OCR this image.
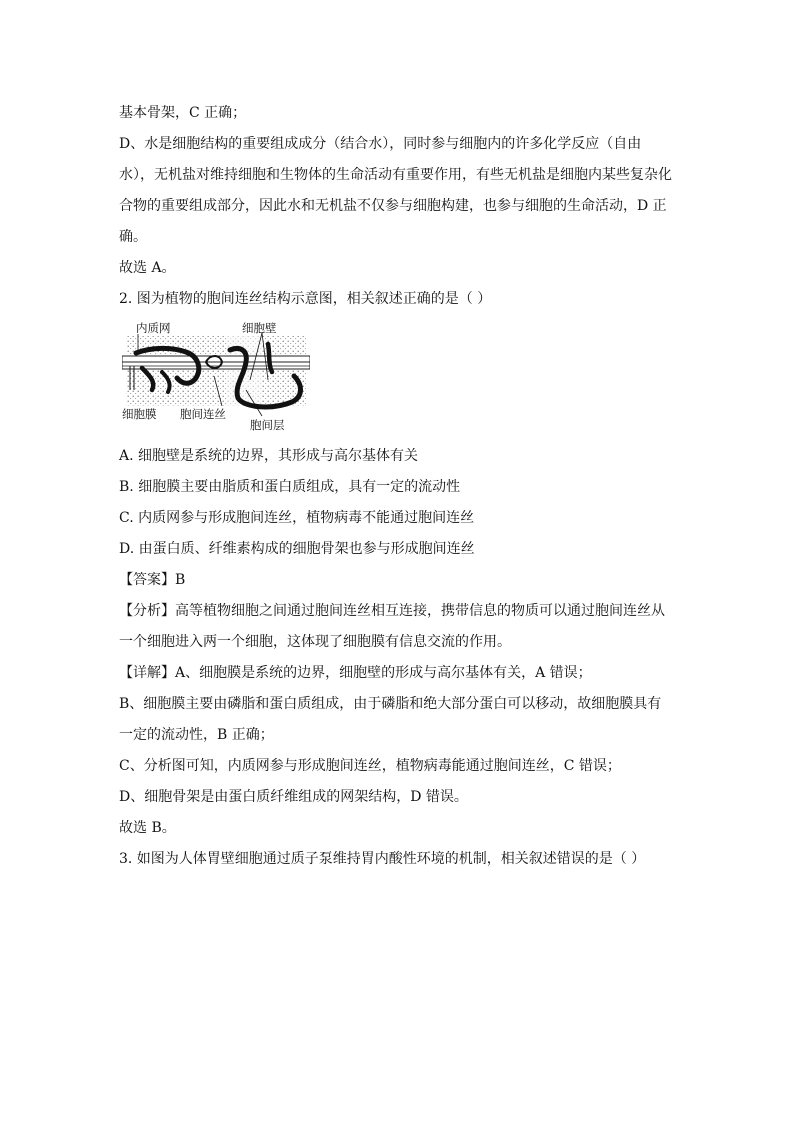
基本骨架，C 正确；
D、水是细胞结构的重要组成成分（结合水），同时参与细胞内的许多化学反应（自由
水），无机盐对维持细胞和生物体的生命活动有重要作用，有些无机盐是细胞内某些复杂化
合物的重要组成部分，因此水和无机盐不仅参与细胞构建，也参与细胞的生命活动，D 正
确。
故选 A。
2. 图为植物的胞间连丝结构示意图，相关叙述正确的是（ ）
内质网	细胞壁
细胞膜 胞间连丝
胞间层
A. 细胞壁是系统的边界，其形成与高尔基体有关
B. 细胞膜主要由脂质和蛋白质组成，具有一定的流动性
C. 内质网参与形成胞间连丝，植物病毒不能通过胞间连丝
D. 由蛋白质、纤维素构成的细胞骨架也参与形成胞间连丝
【答案】B
【分析】高等植物细胞之间通过胞间连丝相互连接，携带信息的物质可以通过胞间连丝从
一个细胞进入两一个细胞，这体现了细胞膜有信息交流的作用。
【详解】A、细胞膜是系统的边界，细胞壁的形成与高尔基体有关，A 错误；
B、细胞膜主要由磷脂和蛋白质组成，由于磷脂和绝大部分蛋白可以移动，故细胞膜具有
一定的流动性，B 正确；
C、分析图可知，内质网参与形成胞间连丝，植物病毒能通过胞间连丝，C 错误；
D、细胞骨架是由蛋白质纤维组成的网架结构，D 错误。
故选 B。
3. 如图为人体胃壁细胞通过质子泵维持胃内酸性环境的机制，相关叙述错误的是（ ）
